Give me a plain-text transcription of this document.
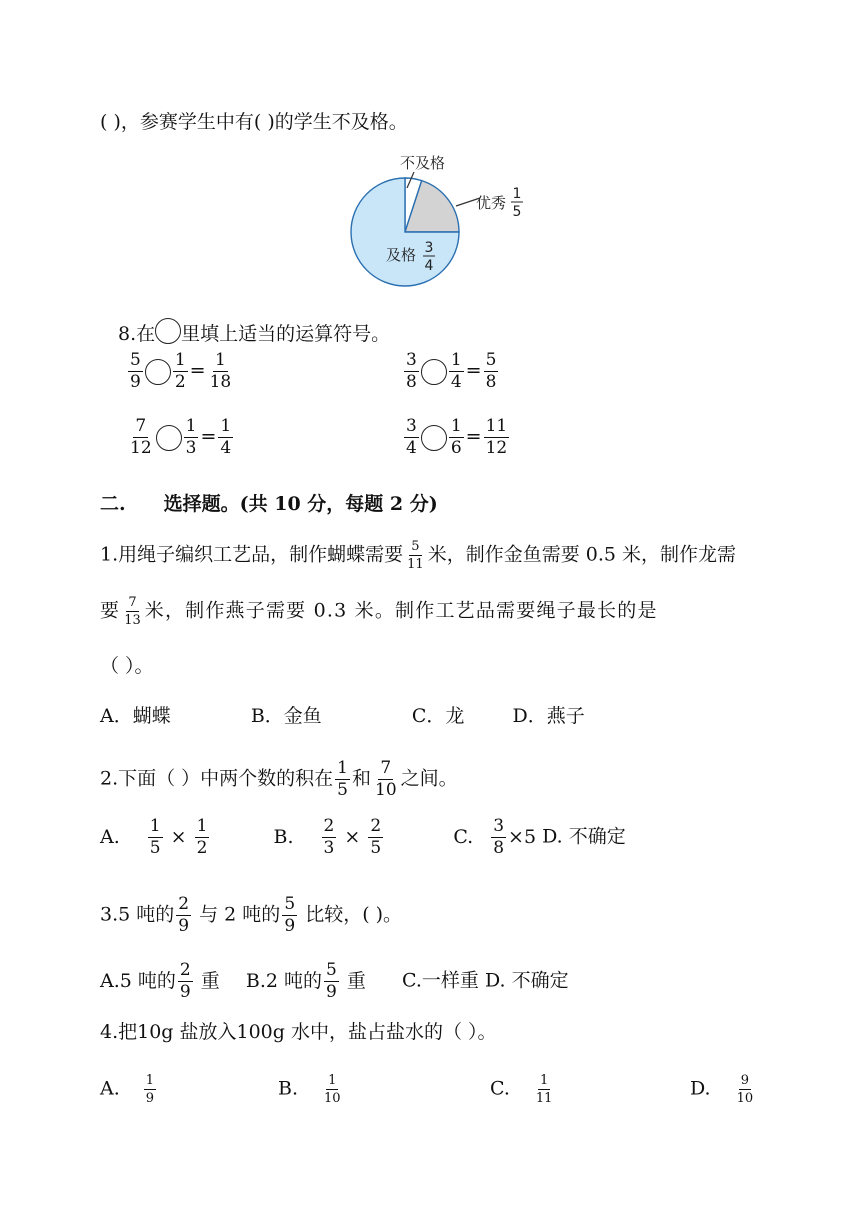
( )，参赛学生中有( )的学生不及格。
不及格
优秀 1
5
及格 3
4
8.在 里填上适当的运算符号。
$\frac{5}{9} \frac{1}{2} = \frac{1}{18}$	$\frac{3}{8} \frac{1}{4} = \frac{5}{8}$
$\frac{7}{12} \frac{1}{3} = \frac{1}{4}$	$\frac{3}{4} \frac{1}{6} = \frac{11}{12}$
二. 选择题。(共 10 分，每题 2 分)
1.用绳子编织工艺品，制作蝴蝶需要 $\frac{5}{11}$ 米，制作金鱼需要 0.5 米，制作龙需
要 $\frac{7}{13}$ 米，制作燕子需要 0.3 米。制作工艺品需要绳子最长的是
（ ）。
A．蝴蝶	B．金鱼	C．龙	D．燕子
2.下面（ ）中两个数的积在 $\frac{1}{5}$ 和 $\frac{7}{10}$ 之间。
A. $\frac{1}{5} \times \frac{1}{2}$	B. $\frac{2}{3} \times \frac{2}{5}$	C. $\frac{3}{8} \times 5$ D. 不确定
3.5 吨的 $\frac{2}{9}$ 与 2 吨的 $\frac{5}{9}$ 比较，( )。
A.5 吨的 $\frac{2}{9}$ 重 B.2 吨的 $\frac{5}{9}$ 重 C.一样重 D. 不确定
4.把10g 盐放入100g 水中，盐占盐水的（ ）。
A. $\frac{1}{9}$	B. $\frac{1}{10}$	C. $\frac{1}{11}$	D. $\frac{9}{10}$
